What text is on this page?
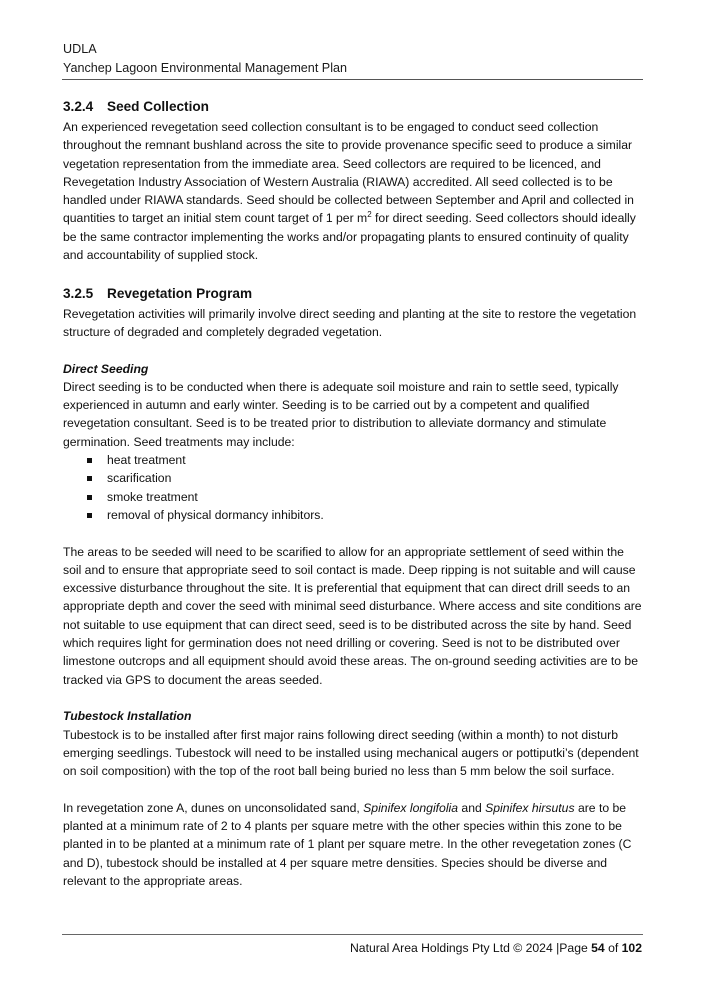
UDLA
Yanchep Lagoon Environmental Management Plan
3.2.4 Seed Collection

An experienced revegetation seed collection consultant is to be engaged to conduct seed collection throughout the remnant bushland across the site to provide provenance specific seed to produce a similar vegetation representation from the immediate area. Seed collectors are required to be licenced, and Revegetation Industry Association of Western Australia (RIAWA) accredited. All seed collected is to be handled under RIAWA standards. Seed should be collected between September and April and collected in quantities to target an initial stem count target of 1 per $m^2$ for direct seeding. Seed collectors should ideally be the same contractor implementing the works and/or propagating plants to ensured continuity of quality and accountability of supplied stock.

3.2.5 Revegetation Program

Revegetation activities will primarily involve direct seeding and planting at the site to restore the vegetation structure of degraded and completely degraded vegetation.

Direct Seeding

Direct seeding is to be conducted when there is adequate soil moisture and rain to settle seed, typically experienced in autumn and early winter. Seeding is to be carried out by a competent and qualified revegetation consultant. Seed is to be treated prior to distribution to alleviate dormancy and stimulate germination. Seed treatments may include:

heat treatment
scarification
smoke treatment
removal of physical dormancy inhibitors.

The areas to be seeded will need to be scarified to allow for an appropriate settlement of seed within the soil and to ensure that appropriate seed to soil contact is made. Deep ripping is not suitable and will cause excessive disturbance throughout the site. It is preferential that equipment that can direct drill seeds to an appropriate depth and cover the seed with minimal seed disturbance. Where access and site conditions are not suitable to use equipment that can direct seed, seed is to be distributed across the site by hand. Seed which requires light for germination does not need drilling or covering. Seed is not to be distributed over limestone outcrops and all equipment should avoid these areas. The on-ground seeding activities are to be tracked via GPS to document the areas seeded.

Tubestock Installation

Tubestock is to be installed after first major rains following direct seeding (within a month) to not disturb emerging seedlings. Tubestock will need to be installed using mechanical augers or pottiputki’s (dependent on soil composition) with the top of the root ball being buried no less than 5 mm below the soil surface.

In revegetation zone A, dunes on unconsolidated sand, Spinifex longifolia and Spinifex hirsutus are to be planted at a minimum rate of 2 to 4 plants per square metre with the other species within this zone to be planted in to be planted at a minimum rate of 1 plant per square metre. In the other revegetation zones (C and D), tubestock should be installed at 4 per square metre densities. Species should be diverse and relevant to the appropriate areas.

Natural Area Holdings Pty Ltd © 2024 |Page 54 of 102
